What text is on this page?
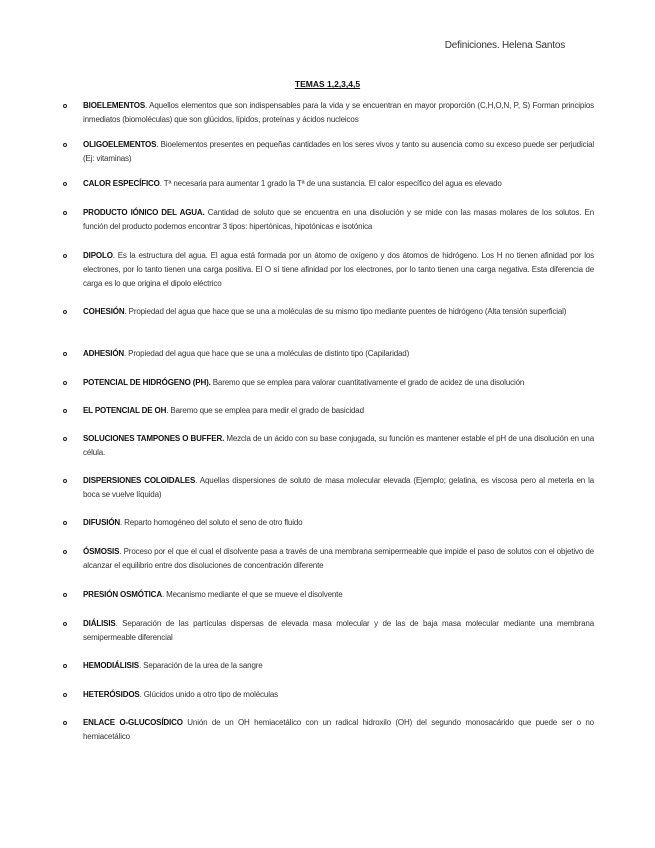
Definiciones. Helena Santos
TEMAS 1,2,3,4,5
BIOELEMENTOS. Aquellos elementos que son indispensables para la vida y se encuentran en mayor proporción (C,H,O,N, P, S) Forman principios inmediatos (biomoléculas) que son glúcidos, lípidos, proteínas y ácidos nucleicos
OLIGOELEMENTOS. Bioelementos presentes en pequeñas cantidades en los seres vivos y tanto su ausencia como su exceso puede ser perjudicial (Ej: vitaminas)
CALOR ESPECÍFICO. Tª necesaria para aumentar 1 grado la Tª de una sustancia. El calor específico del agua es elevado
PRODUCTO IÓNICO DEL AGUA. Cantidad de soluto que se encuentra en una disolución y se mide con las masas molares de los solutos. En función del producto podemos encontrar 3 tipos: hipertónicas, hipotónicas e isotónica
DIPOLO. Es la estructura del agua. El agua está formada por un átomo de oxígeno y dos átomos de hidrógeno. Los H no tienen afinidad por los electrones, por lo tanto tienen una carga positiva. El O sí tiene afinidad por los electrones, por lo tanto tienen una carga negativa. Esta diferencia de carga es lo que origina el dipolo eléctrico
COHESIÓN. Propiedad del agua que hace que se una a moléculas de su mismo tipo mediante puentes de hidrógeno (Alta tensión superficial)
ADHESIÓN. Propiedad del agua que hace que se una a moléculas de distinto tipo (Capilaridad)
POTENCIAL DE HIDRÓGENO (PH). Baremo que se emplea para valorar cuantitativamente el grado de acidez de una disolución
EL POTENCIAL DE OH. Baremo que se emplea para medir el grado de basicidad
SOLUCIONES TAMPONES O BUFFER. Mezcla de un ácido con su base conjugada, su función es mantener estable el pH de una disolución en una célula.
DISPERSIONES COLOIDALES. Aquellas dispersiones de soluto de masa molecular elevada (Ejemplo; gelatina, es viscosa pero al meterla en la boca se vuelve líquida)
DIFUSIÓN. Reparto homogéneo del soluto el seno de otro fluido
ÓSMOSIS. Proceso por el que el cual el disolvente pasa a través de una membrana semipermeable que impide el paso de solutos con el objetivo de alcanzar el equilibrio entre dos disoluciones de concentración diferente
PRESIÓN OSMÓTICA. Mecanismo mediante el que se mueve el disolvente
DIÁLISIS. Separación de las partículas dispersas de elevada masa molecular y de las de baja masa molecular mediante una membrana semipermeable diferencial
HEMODIÁLISIS. Separación de la urea de la sangre
HETERÓSIDOS. Glúcidos unido a otro tipo de moléculas
ENLACE O-GLUCOSÍDICO Unión de un OH hemiacetálico con un radical hidroxilo (OH) del segundo monosacárido que puede ser o no hemiacetálico
